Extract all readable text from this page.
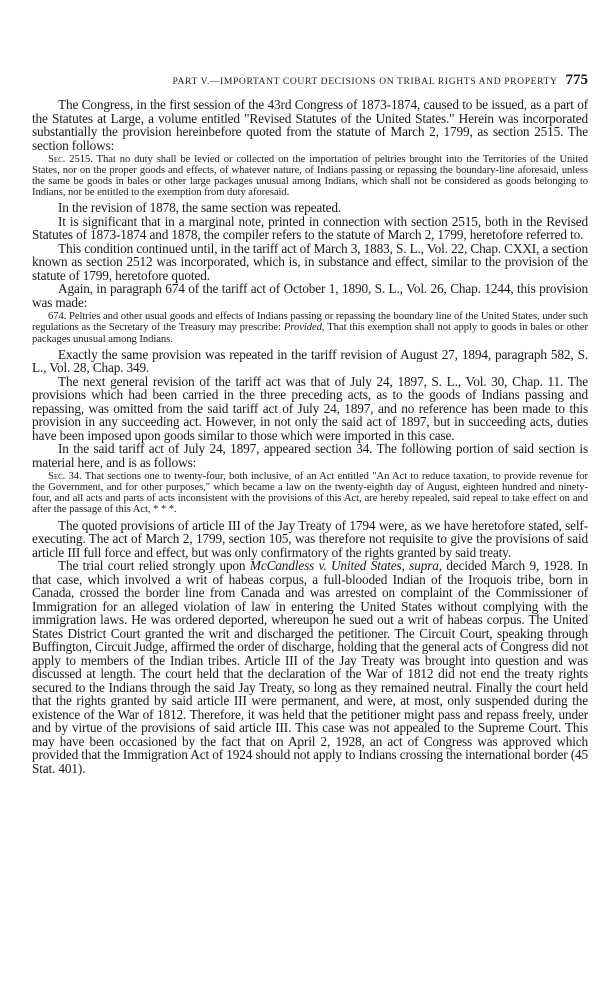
PART V.—IMPORTANT COURT DECISIONS ON TRIBAL RIGHTS AND PROPERTY 775

The Congress, in the first session of the 43rd Congress of 1873-1874, caused to be issued, as a part of the Statutes at Large, a volume entitled "Revised Statutes of the United States." Herein was incorporated substantially the provision hereinbefore quoted from the statute of March 2, 1799, as section 2515. The section follows:

Sec. 2515. That no duty shall be levied or collected on the importation of peltries brought into the Territories of the United States, nor on the proper goods and effects, of whatever nature, of Indians passing or repassing the boundary-line aforesaid, unless the same be goods in bales or other large packages unusual among Indians, which shall not be considered as goods belonging to Indians, nor be entitled to the exemption from duty aforesaid.

In the revision of 1878, the same section was repeated.

It is significant that in a marginal note, printed in connection with section 2515, both in the Revised Statutes of 1873-1874 and 1878, the compiler refers to the statute of March 2, 1799, heretofore referred to.

This condition continued until, in the tariff act of March 3, 1883, S. L., Vol. 22, Chap. CXXI, a section known as section 2512 was incorporated, which is, in substance and effect, similar to the provision of the statute of 1799, heretofore quoted.

Again, in paragraph 674 of the tariff act of October 1, 1890, S. L., Vol. 26, Chap. 1244, this provision was made:

674. Peltries and other usual goods and effects of Indians passing or repassing the boundary line of the United States, under such regulations as the Secretary of the Treasury may prescribe: Provided, That this exemption shall not apply to goods in bales or other packages unusual among Indians.

Exactly the same provision was repeated in the tariff revision of August 27, 1894, paragraph 582, S. L., Vol. 28, Chap. 349.

The next general revision of the tariff act was that of July 24, 1897, S. L., Vol. 30, Chap. 11. The provisions which had been carried in the three preceding acts, as to the goods of Indians passing and repassing, was omitted from the said tariff act of July 24, 1897, and no reference has been made to this provision in any succeeding act. However, in not only the said act of 1897, but in succeeding acts, duties have been imposed upon goods similar to those which were imported in this case.

In the said tariff act of July 24, 1897, appeared section 34. The following portion of said section is material here, and is as follows:

Sec. 34. That sections one to twenty-four, both inclusive, of an Act entitled "An Act to reduce taxation, to provide revenue for the Government, and for other purposes," which became a law on the twenty-eighth day of August, eighteen hundred and ninety-four, and all acts and parts of acts inconsistent with the provisions of this Act, are hereby repealed, said repeal to take effect on and after the passage of this Act, * * *.

The quoted provisions of article III of the Jay Treaty of 1794 were, as we have heretofore stated, self-executing. The act of March 2, 1799, section 105, was therefore not requisite to give the provisions of said article III full force and effect, but was only confirmatory of the rights granted by said treaty.

The trial court relied strongly upon McCandless v. United States, supra, decided March 9, 1928. In that case, which involved a writ of habeas corpus, a full-blooded Indian of the Iroquois tribe, born in Canada, crossed the border line from Canada and was arrested on complaint of the Commissioner of Immigration for an alleged violation of law in entering the United States without complying with the immigration laws. He was ordered deported, whereupon he sued out a writ of habeas corpus. The United States District Court granted the writ and discharged the petitioner. The Circuit Court, speaking through Buffington, Circuit Judge, affirmed the order of discharge, holding that the general acts of Congress did not apply to members of the Indian tribes. Article III of the Jay Treaty was brought into question and was discussed at length. The court held that the declaration of the War of 1812 did not end the treaty rights secured to the Indians through the said Jay Treaty, so long as they remained neutral. Finally the court held that the rights granted by said article III were permanent, and were, at most, only suspended during the existence of the War of 1812. Therefore, it was held that the petitioner might pass and repass freely, under and by virtue of the provisions of said article III. This case was not appealed to the Supreme Court. This may have been occasioned by the fact that on April 2, 1928, an act of Congress was approved which provided that the Immigration Act of 1924 should not apply to Indians crossing the international border (45 Stat. 401).
